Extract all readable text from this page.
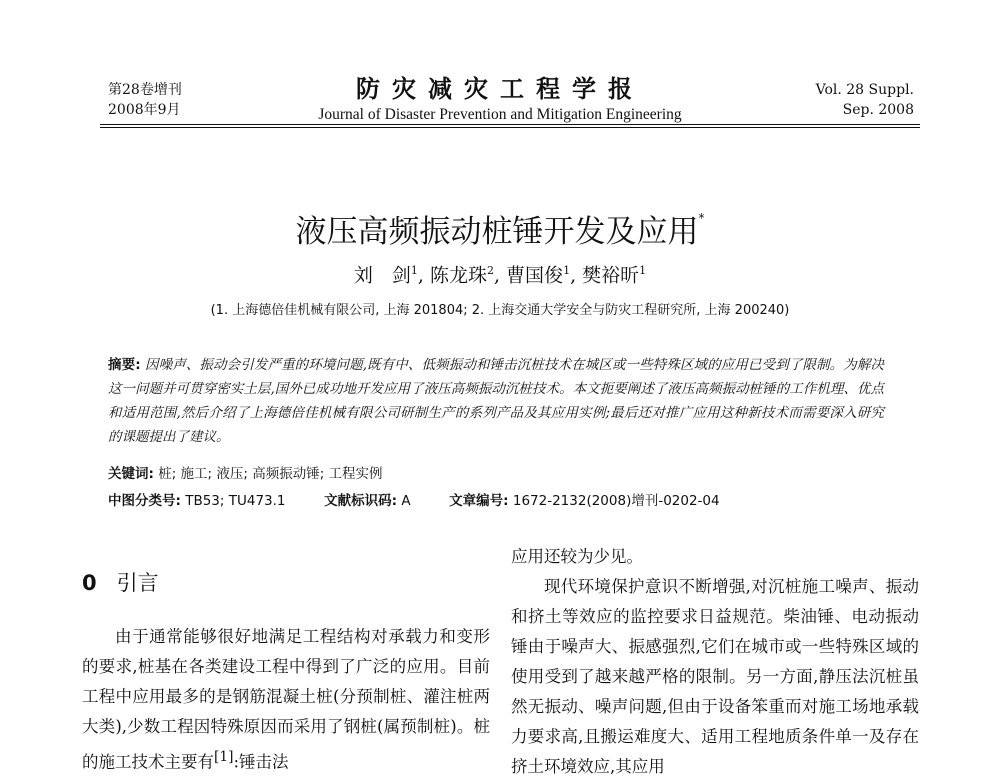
第28卷增刊
2008年9月
防灾减灾工程学报
Journal of Disaster Prevention and Mitigation Engineering
Vol. 28 Suppl.
Sep. 2008
液压高频振动桩锤开发及应用*
刘　剑$^1$, 陈龙珠$^2$, 曹国俊$^1$, 樊裕昕$^1$
(1. 上海德倍佳机械有限公司, 上海 201804; 2. 上海交通大学安全与防灾工程研究所, 上海 200240)
摘要: 因噪声、振动会引发严重的环境问题,既有中、低频振动和锤击沉桩技术在城区或一些特殊区域的应用已受到了限制。为解决这一问题并可贯穿密实土层,国外已成功地开发应用了液压高频振动沉桩技术。本文扼要阐述了液压高频振动桩锤的工作机理、优点和适用范围,然后介绍了上海德倍佳机械有限公司研制生产的系列产品及其应用实例;最后还对推广应用这种新技术而需要深入研究的课题提出了建议。
关键词: 桩; 施工; 液压; 高频振动锤; 工程实例
中图分类号: TB53; TU473.1	文献标识码: A	文章编号: 1672-2132(2008)增刊-0202-04
0 引言

由于通常能够很好地满足工程结构对承载力和变形的要求,桩基在各类建设工程中得到了广泛的应用。目前工程中应用最多的是钢筋混凝土桩(分预制桩、灌注桩两大类),少数工程因特殊原因而采用了钢桩(属预制桩)。桩的施工技术主要有[1]:锤击法

应用还较为少见。

现代环境保护意识不断增强,对沉桩施工噪声、振动和挤土等效应的监控要求日益规范。柴油锤、电动振动锤由于噪声大、振感强烈,它们在城市或一些特殊区域的使用受到了越来越严格的限制。另一方面,静压法沉桩虽然无振动、噪声问题,但由于设备笨重而对施工场地承载力要求高,且搬运难度大、适用工程地质条件单一及存在挤土环境效应,其应用
